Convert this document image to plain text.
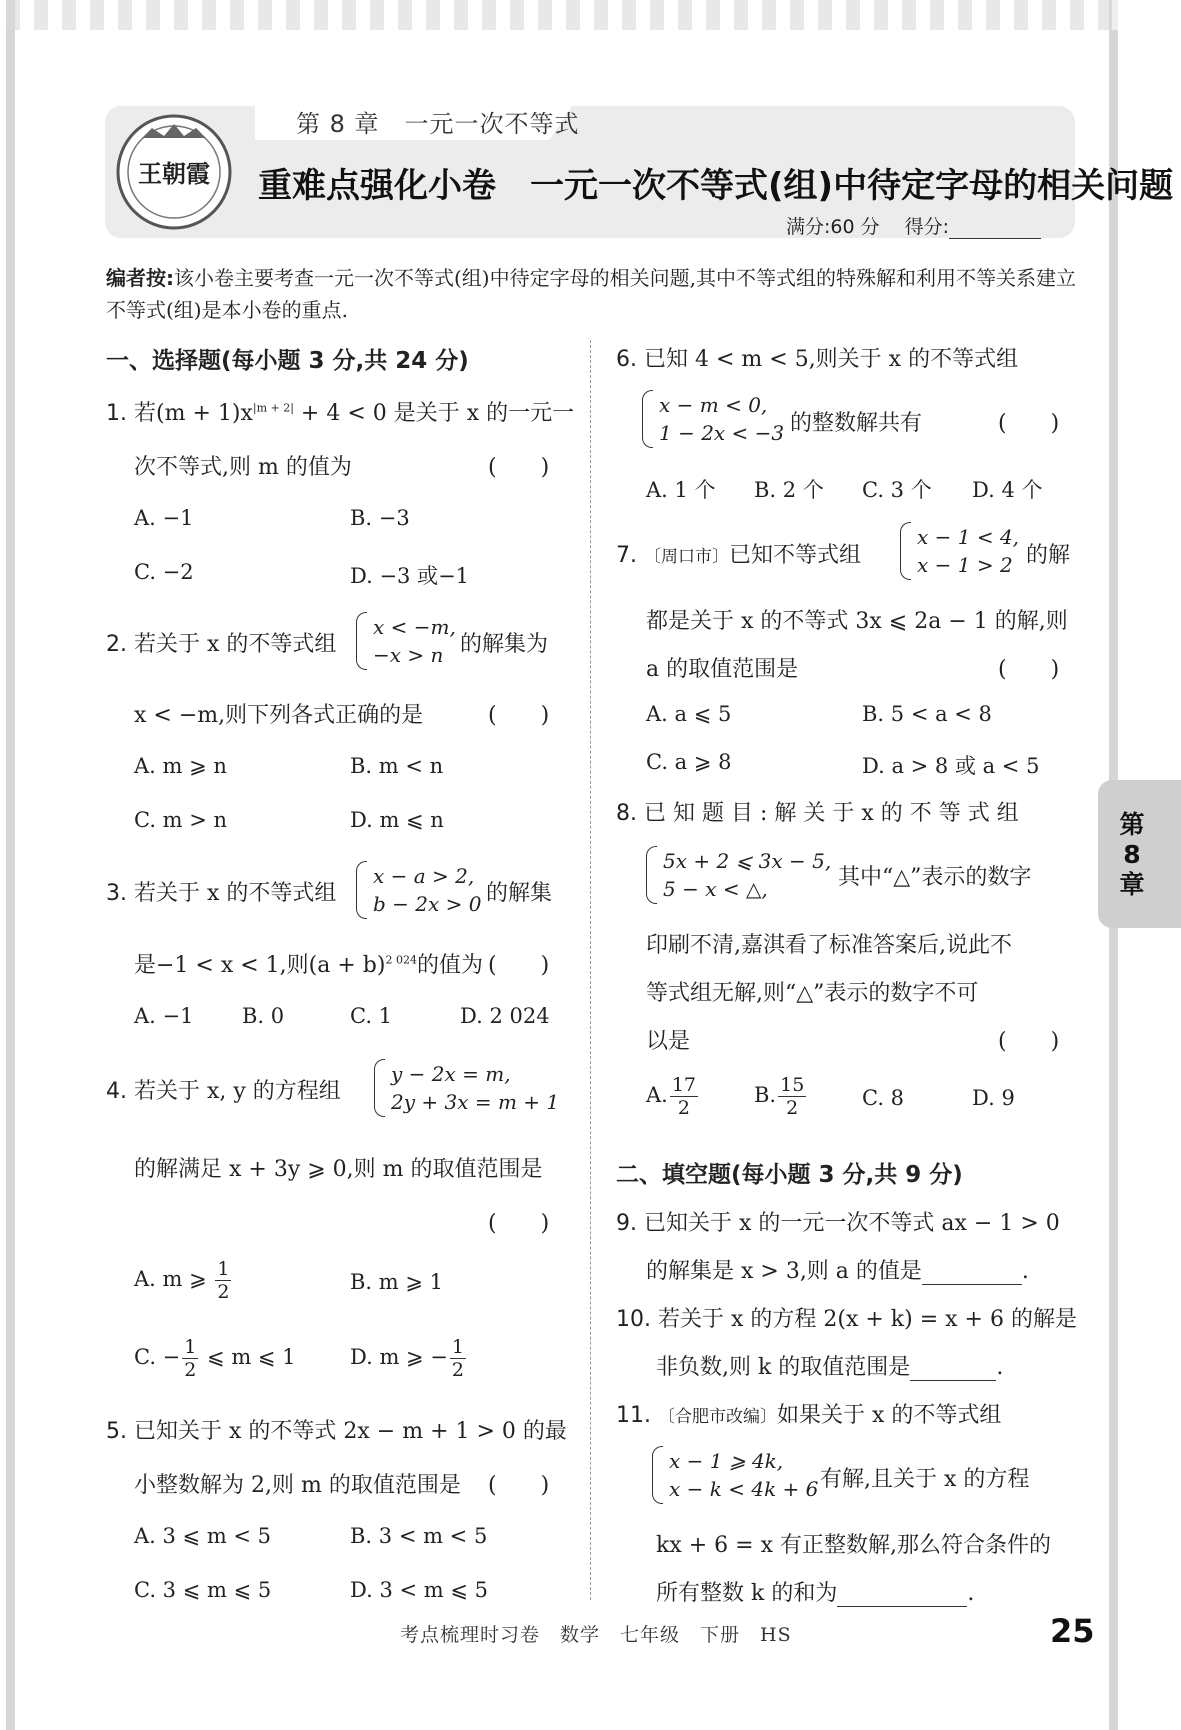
王朝霞
第 8 章　一元一次不等式
重难点强化小卷　一元一次不等式(组)中待定字母的相关问题
满分:60 分　 得分:
编者按:该小卷主要考查一元一次不等式(组)中待定字母的相关问题,其中不等式组的特殊解和利用不等关系建立不等式(组)是本小卷的重点.
一、选择题(每小题 3 分,共 24 分)
1. 若$(m + 1)x^{|m + 2|} + 4 < 0$ 是关于 x 的一元一
次不等式,则 m 的值为	(　　)
A. −1	B. −3
C. −2	D. −3 或−1
2. 若关于 x 的不等式组
x < −m,
−x > n 的解集为
x < −m,则下列各式正确的是	(　　)
A. m ⩾ n	B. m < n
C. m > n	D. m ⩽ n
3. 若关于 x 的不等式组
x − a > 2,
b − 2x > 0 的解集
是−1 < x < 1,则$(a + b)^{2 024}$的值为 (　　)
A. −1 B. 0	C. 1	D. 2 024
4. 若关于 x, y 的方程组
y − 2x = m,
2y + 3x = m + 1
的解满足 x + 3y ⩾ 0,则 m 的取值范围是
(　　)
A. m ⩾ $\frac{1}{2}$	B. m ⩾ 1
C. − $\frac{1}{2}$ ⩽ m ⩽ 1	D. m ⩾ − $\frac{1}{2}$
5. 已知关于 x 的不等式 2x − m + 1 > 0 的最
小整数解为 2,则 m 的取值范围是 (　　)
A. 3 ⩽ m < 5	B. 3 < m < 5
C. 3 ⩽ m ⩽ 5	D. 3 < m ⩽ 5
6. 已知 4 < m < 5,则关于 x 的不等式组
x − m < 0,
1 − 2x < −3 的整数解共有	(　　)
A. 1 个 B. 2 个 C. 3 个 D. 4 个
7. 〔周口市〕已知不等式组
x − 1 < 4,
x − 1 > 2 的解
都是关于 x 的不等式 3x ⩽ 2a − 1 的解,则
a 的取值范围是	(　　)
A. a ⩽ 5	B. 5 < a < 8
C. a ⩾ 8	D. a > 8 或 a < 5
8. 已 知 题 目 : 解 关 于 x 的 不 等 式 组
5x + 2 ⩽ 3x − 5,
5 − x < △,	其中“△”表示的数字
印刷不清,嘉淇看了标准答案后,说此不
等式组无解,则“△”表示的数字不可
以是	(　　)
A. $\frac{17}{2}$	B. $\frac{15}{2}$	C. 8	D. 9
二、填空题(每小题 3 分,共 9 分)
9. 已知关于 x 的一元一次不等式 ax − 1 > 0
的解集是 x > 3,则 a 的值是	.
10. 若关于 x 的方程 2(x + k) = x + 6 的解是
非负数,则 k 的取值范围是	.
11. 〔合肥市改编〕如果关于 x 的不等式组
x − 1 ⩾ 4k,
x − k < 4k + 6 有解,且关于 x 的方程
kx + 6 = x 有正整数解,那么符合条件的
所有整数 k 的和为	.
第8章
考点梳理时习卷　数学　七年级　下册　HS	25
